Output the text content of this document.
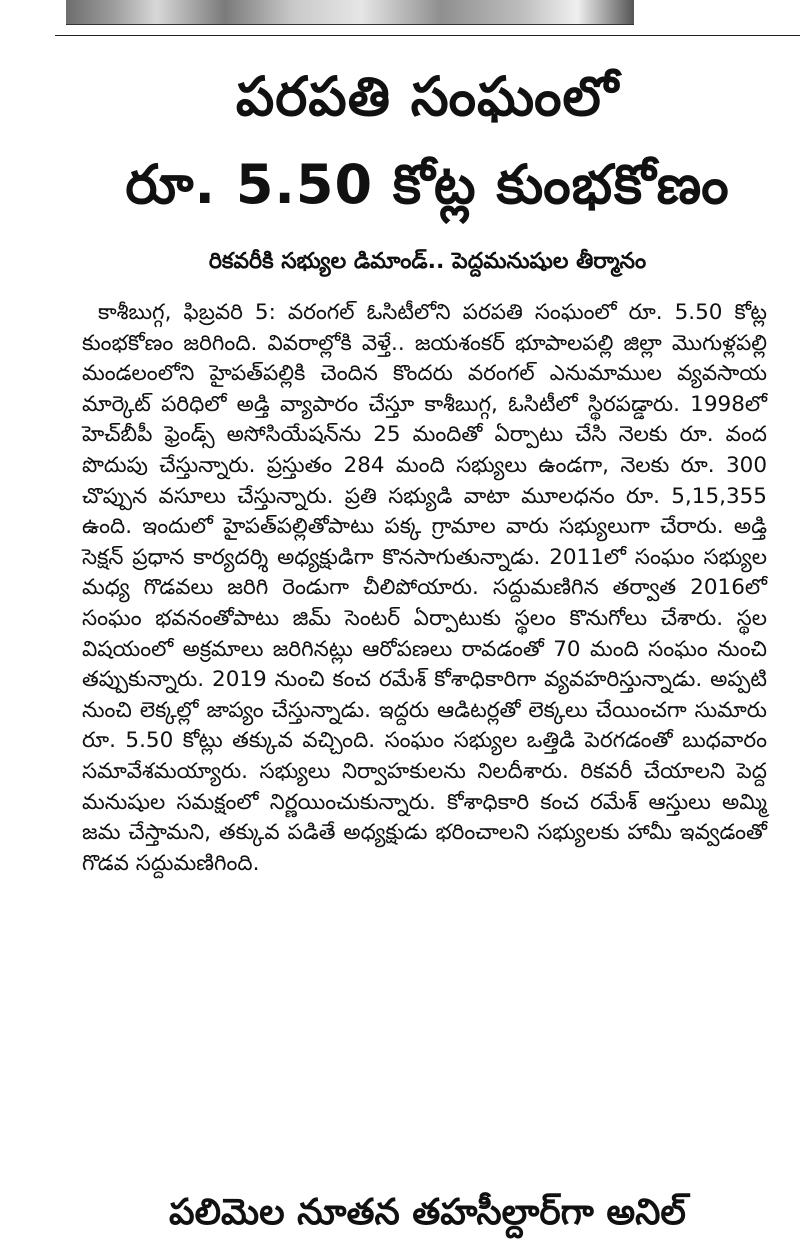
పరపతి సంఘంలో
రూ. 5.50 కోట్ల కుంభకోణం
రికవరీకి సభ్యుల డిమాండ్.. పెద్దమనుషుల తీర్మానం

కాశీబుగ్గ, ఫిబ్రవరి 5: వరంగల్ ఓసిటీలోని పరపతి సంఘంలో రూ. 5.50 కోట్ల కుంభకోణం జరిగింది. వివరాల్లోకి వెళ్తే.. జయశంకర్ భూపాలపల్లి జిల్లా మొగుళ్లపల్లి మండలంలోని హైపత్‌పల్లికి చెందిన కొందరు వరంగల్ ఎనుమాముల వ్యవసాయ మార్కెట్ పరిధిలో అడ్తి వ్యాపారం చేస్తూ కాశీబుగ్గ, ఓసిటీలో స్థిరపడ్డారు. 1998లో హెచ్‌బీపీ ఫ్రెండ్స్ అసోసియేషన్‌ను 25 మందితో ఏర్పాటు చేసి నెలకు రూ. వంద పొదుపు చేస్తున్నారు. ప్రస్తుతం 284 మంది సభ్యులు ఉండగా, నెలకు రూ. 300 చొప్పున వసూలు చేస్తున్నారు. ప్రతి సభ్యుడి వాటా మూలధనం రూ. 5,15,355 ఉంది. ఇందులో హైపత్‌పల్లితోపాటు పక్క గ్రామాల వారు సభ్యులుగా చేరారు. అడ్తి సెక్షన్ ప్రధాన కార్యదర్శి అధ్యక్షుడిగా కొనసాగుతున్నాడు. 2011లో సంఘం సభ్యుల మధ్య గొడవలు జరిగి రెండుగా చీలిపోయారు. సద్దుమణిగిన తర్వాత 2016లో సంఘం భవనంతోపాటు జిమ్ సెంటర్ ఏర్పాటుకు స్థలం కొనుగోలు చేశారు. స్థల విషయంలో అక్రమాలు జరిగినట్లు ఆరోపణలు రావడంతో 70 మంది సంఘం నుంచి తప్పుకున్నారు. 2019 నుంచి కంచ రమేశ్ కోశాధికారిగా వ్యవహరిస్తున్నాడు. అప్పటి నుంచి లెక్కల్లో జాప్యం చేస్తున్నాడు. ఇద్దరు ఆడిటర్లతో లెక్కలు చేయించగా సుమారు రూ. 5.50 కోట్లు తక్కువ వచ్చింది. సంఘం సభ్యుల ఒత్తిడి పెరగడంతో బుధవారం సమావేశమయ్యారు. సభ్యులు నిర్వాహకులను నిలదీశారు. రికవరీ చేయాలని పెద్ద మనుషుల సమక్షంలో నిర్ణయించుకున్నారు. కోశాధికారి కంచ రమేశ్ ఆస్తులు అమ్మి జమ చేస్తామని, తక్కువ పడితే అధ్యక్షుడు భరించాలని సభ్యులకు హామీ ఇవ్వడంతో గొడవ సద్దుమణిగింది.

పలిమెల నూతన తహసీల్దార్‌గా అనిల్
